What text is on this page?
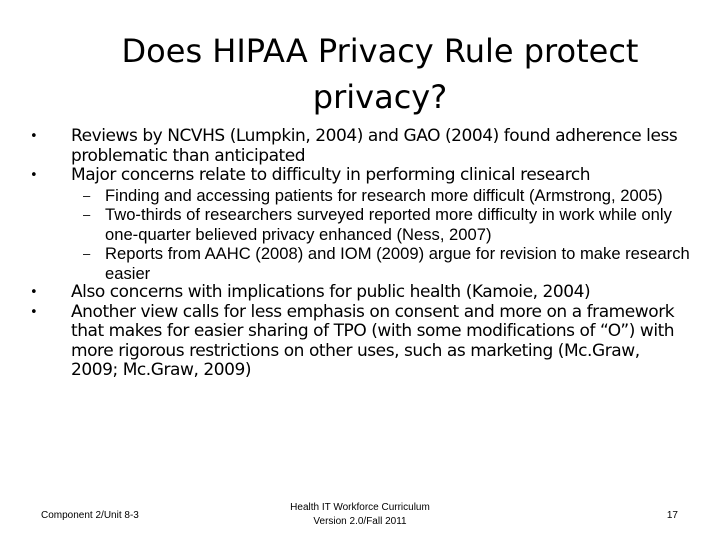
Does HIPAA Privacy Rule protect
privacy?
• Reviews by NCVHS (Lumpkin, 2004) and GAO (2004) found adherence less problematic than anticipated
• Major concerns relate to difficulty in performing clinical research
– Finding and accessing patients for research more difficult (Armstrong, 2005)
– Two-thirds of researchers surveyed reported more difficulty in work while only one-quarter believed privacy enhanced (Ness, 2007)
– Reports from AAHC (2008) and IOM (2009) argue for revision to make research easier
• Also concerns with implications for public health (Kamoie, 2004)
• Another view calls for less emphasis on consent and more on a framework that makes for easier sharing of TPO (with some modifications of “O”) with more rigorous restrictions on other uses, such as marketing (Mc.Graw, 2009; Mc.Graw, 2009)
Component 2/Unit 8-3
Health IT Workforce Curriculum
Version 2.0/Fall 2011
17
